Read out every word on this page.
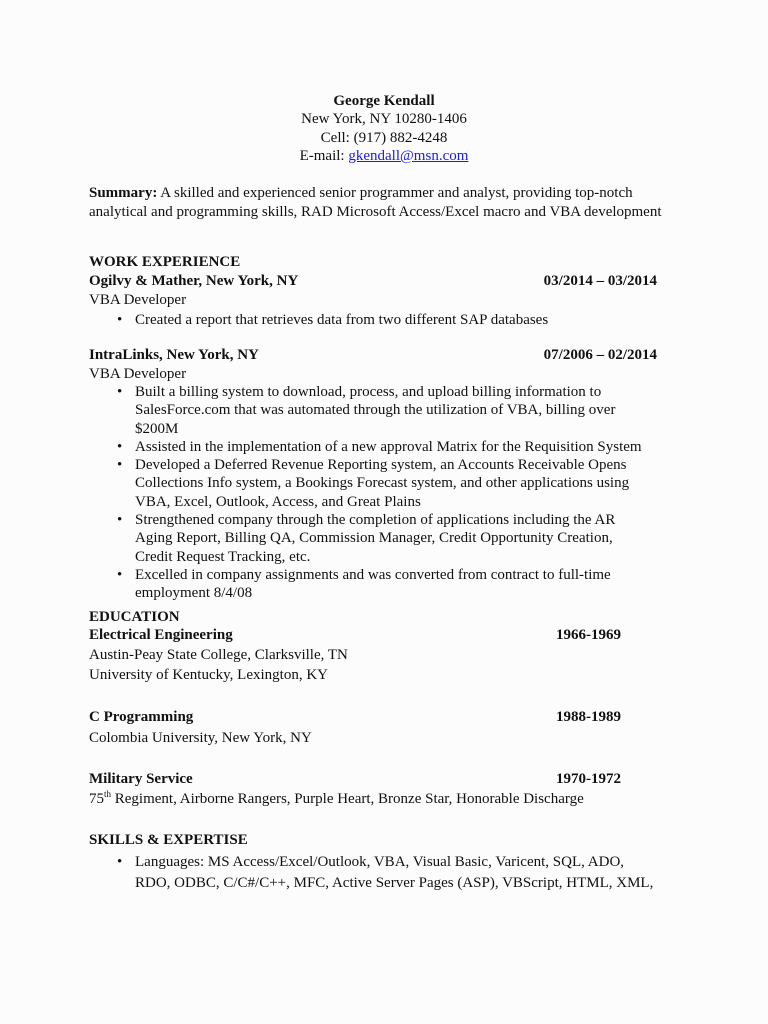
George Kendall
New York, NY 10280-1406
Cell: (917) 882-4248
E-mail: gkendall@msn.com
Summary: A skilled and experienced senior programmer and analyst, providing top-notch
analytical and programming skills, RAD Microsoft Access/Excel macro and VBA development
WORK EXPERIENCE
Ogilvy & Mather, New York, NY	03/2014 – 03/2014
VBA Developer
• Created a report that retrieves data from two different SAP databases
IntraLinks, New York, NY	07/2006 – 02/2014
VBA Developer
• Built a billing system to download, process, and upload billing information to SalesForce.com that was automated through the utilization of VBA, billing over $200M
• Assisted in the implementation of a new approval Matrix for the Requisition System
• Developed a Deferred Revenue Reporting system, an Accounts Receivable Opens Collections Info system, a Bookings Forecast system, and other applications using VBA, Excel, Outlook, Access, and Great Plains
• Strengthened company through the completion of applications including the AR Aging Report, Billing QA, Commission Manager, Credit Opportunity Creation, Credit Request Tracking, etc.
• Excelled in company assignments and was converted from contract to full-time employment 8/4/08
EDUCATION
Electrical Engineering	1966-1969
Austin-Peay State College, Clarksville, TN
University of Kentucky, Lexington, KY
C Programming	1988-1989
Colombia University, New York, NY
Military Service	1970-1972
75th Regiment, Airborne Rangers, Purple Heart, Bronze Star, Honorable Discharge
SKILLS & EXPERTISE
• Languages: MS Access/Excel/Outlook, VBA, Visual Basic, Varicent, SQL, ADO, RDO, ODBC, C/C#/C++, MFC, Active Server Pages (ASP), VBScript, HTML, XML,
